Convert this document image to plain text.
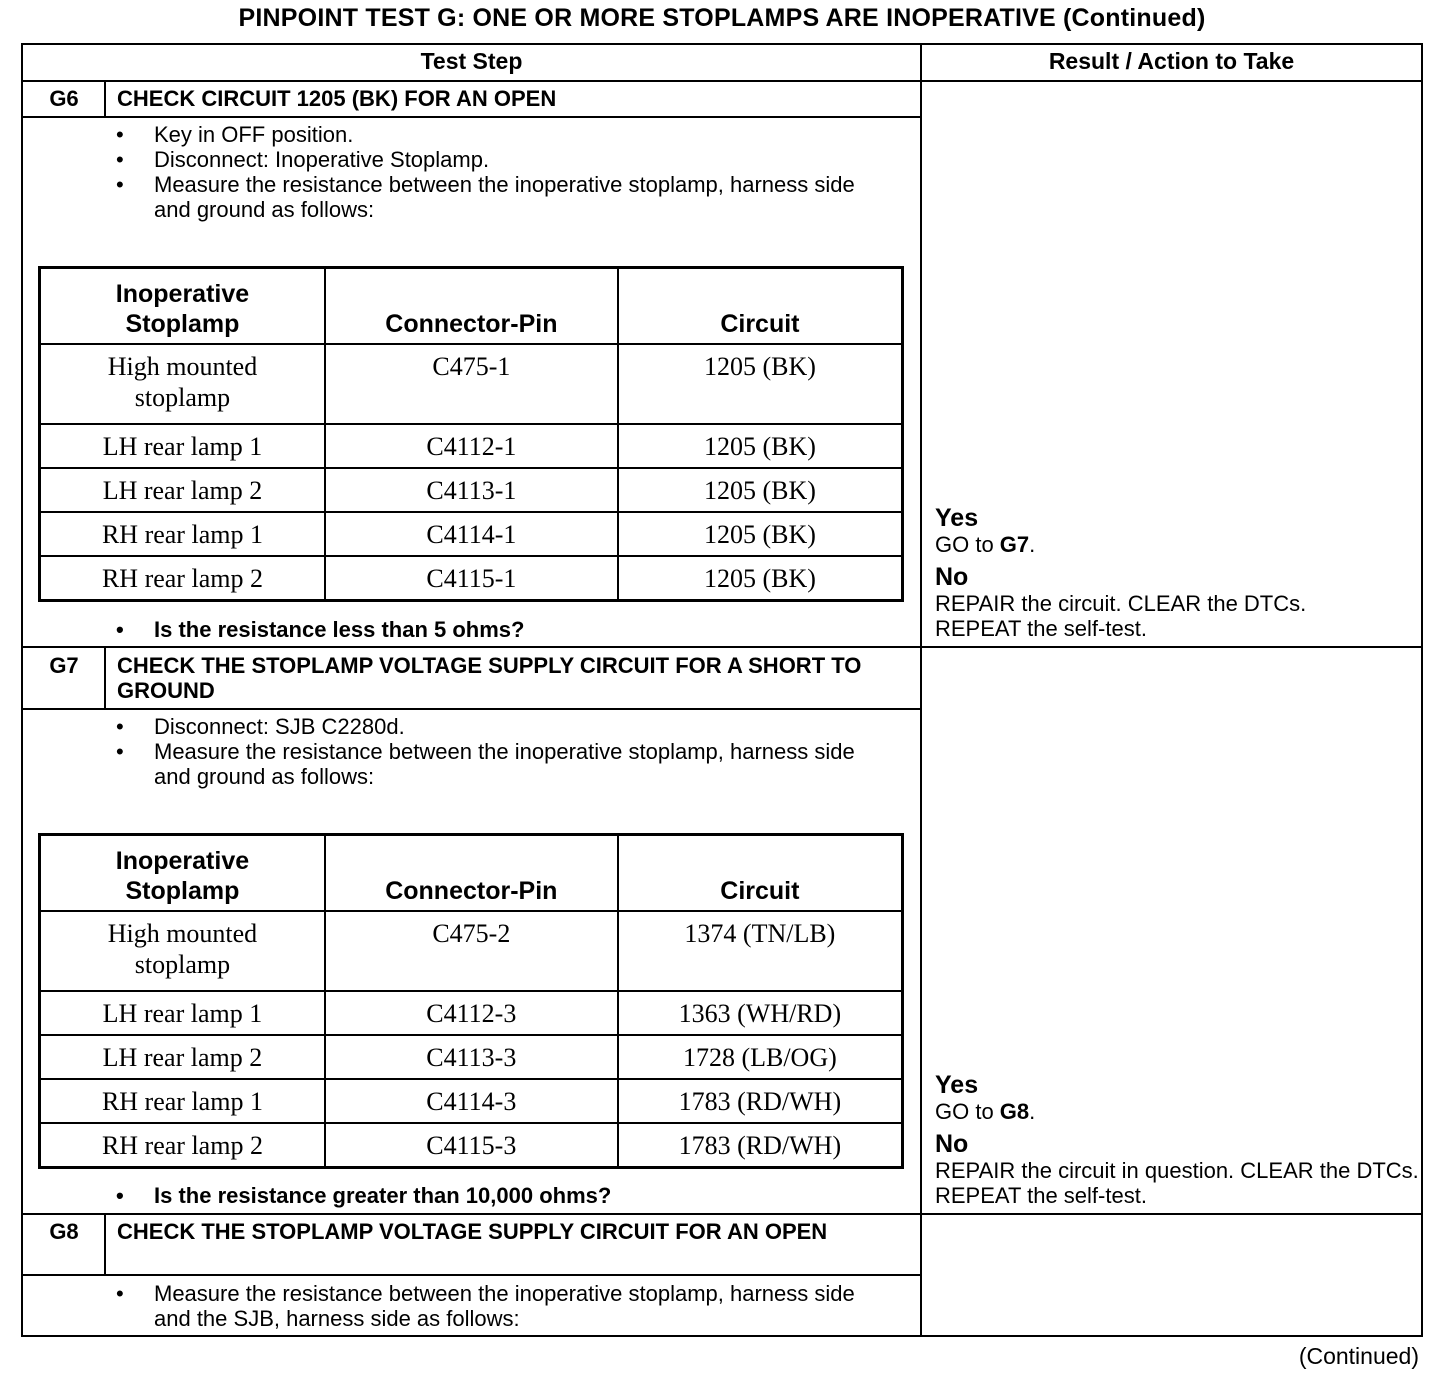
PINPOINT TEST G: ONE OR MORE STOPLAMPS ARE INOPERATIVE (Continued)
Test Step	Result / Action to Take
G6	CHECK CIRCUIT 1205 (BK) FOR AN OPEN
• Key in OFF position.
• Disconnect: Inoperative Stoplamp.
• Measure the resistance between the inoperative stoplamp, harness side and ground as follows:
Inoperative Stoplamp	Connector-Pin	Circuit

High mounted stoplamp	C475-1	1205 (BK)
LH rear lamp 1	C4112-1	1205 (BK)
LH rear lamp 2	C4113-1	1205 (BK)
RH rear lamp 1	C4114-1	1205 (BK)
RH rear lamp 2	C4115-1	1205 (BK)
• Is the resistance less than 5 ohms?
Yes
GO to G7.
No
REPAIR the circuit. CLEAR the DTCs. REPEAT the self-test.
G7	CHECK THE STOPLAMP VOLTAGE SUPPLY CIRCUIT FOR A SHORT TO GROUND
• Disconnect: SJB C2280d.
• Measure the resistance between the inoperative stoplamp, harness side and ground as follows:
Inoperative Stoplamp	Connector-Pin	Circuit

High mounted stoplamp	C475-2	1374 (TN/LB)
LH rear lamp 1	C4112-3	1363 (WH/RD)
LH rear lamp 2	C4113-3	1728 (LB/OG)
RH rear lamp 1	C4114-3	1783 (RD/WH)
RH rear lamp 2	C4115-3	1783 (RD/WH)
• Is the resistance greater than 10,000 ohms?
Yes
GO to G8.
No
REPAIR the circuit in question. CLEAR the DTCs. REPEAT the self-test.
G8	CHECK THE STOPLAMP VOLTAGE SUPPLY CIRCUIT FOR AN OPEN
• Measure the resistance between the inoperative stoplamp, harness side and the SJB, harness side as follows:
(Continued)
